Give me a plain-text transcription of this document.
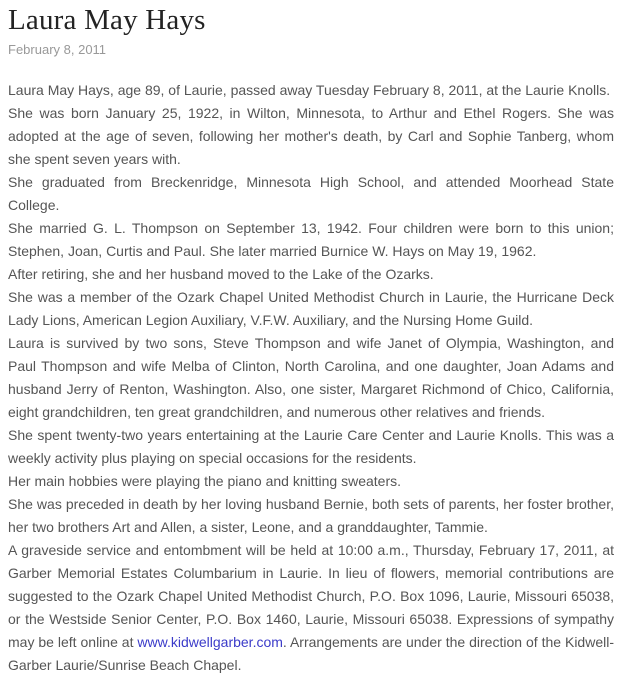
Laura May Hays
February 8, 2011

Laura May Hays, age 89, of Laurie, passed away Tuesday February 8, 2011, at the Laurie Knolls.

She was born January 25, 1922, in Wilton, Minnesota, to Arthur and Ethel Rogers. She was adopted at the age of seven, following her mother's death, by Carl and Sophie Tanberg, whom she spent seven years with.

She graduated from Breckenridge, Minnesota High School, and attended Moorhead State College.

She married G. L. Thompson on September 13, 1942. Four children were born to this union; Stephen, Joan, Curtis and Paul. She later married Burnice W. Hays on May 19, 1962.

After retiring, she and her husband moved to the Lake of the Ozarks.

She was a member of the Ozark Chapel United Methodist Church in Laurie, the Hurricane Deck Lady Lions, American Legion Auxiliary, V.F.W. Auxiliary, and the Nursing Home Guild.

Laura is survived by two sons, Steve Thompson and wife Janet of Olympia, Washington, and Paul Thompson and wife Melba of Clinton, North Carolina, and one daughter, Joan Adams and husband Jerry of Renton, Washington. Also, one sister, Margaret Richmond of Chico, California, eight grandchildren, ten great grandchildren, and numerous other relatives and friends.

She spent twenty-two years entertaining at the Laurie Care Center and Laurie Knolls. This was a weekly activity plus playing on special occasions for the residents.

Her main hobbies were playing the piano and knitting sweaters.

She was preceded in death by her loving husband Bernie, both sets of parents, her foster brother, her two brothers Art and Allen, a sister, Leone, and a granddaughter, Tammie.

A graveside service and entombment will be held at 10:00 a.m., Thursday, February 17, 2011, at Garber Memorial Estates Columbarium in Laurie. In lieu of flowers, memorial contributions are suggested to the Ozark Chapel United Methodist Church, P.O. Box 1096, Laurie, Missouri 65038, or the Westside Senior Center, P.O. Box 1460, Laurie, Missouri 65038. Expressions of sympathy may be left online at www.kidwellgarber.com. Arrangements are under the direction of the Kidwell-Garber Laurie/Sunrise Beach Chapel.
